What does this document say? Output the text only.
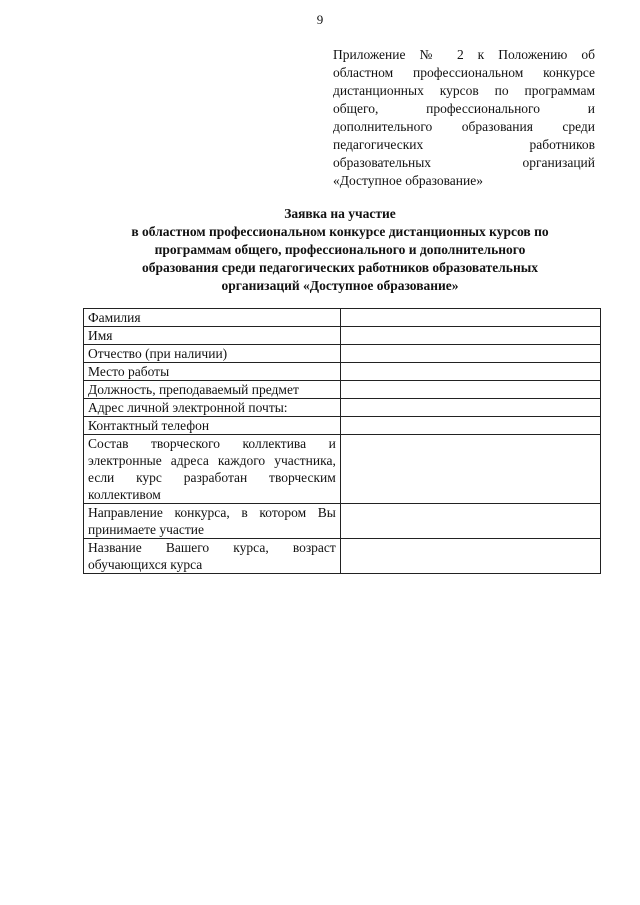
9
Приложение № 2 к Положению об
областном профессиональном конкурсе
дистанционных курсов по программам
общего, профессионального и
дополнительного образования среди
педагогических работников
образовательных организаций
«Доступное образование»
Заявка на участие
в областном профессиональном конкурсе дистанционных курсов по
программам общего, профессионального и дополнительного
образования среди педагогических работников образовательных
организаций «Доступное образование»
Фамилия	
Имя	
Отчество (при наличии)	
Место работы	
Должность, преподаваемый предмет	
Адрес личной электронной почты:	
Контактный телефон	
Состав творческого коллектива и электронные адреса каждого участника, если курс разработан творческим коллективом	
Направление конкурса, в котором Вы принимаете участие	
Название Вашего курса, возраст обучающихся курса	
